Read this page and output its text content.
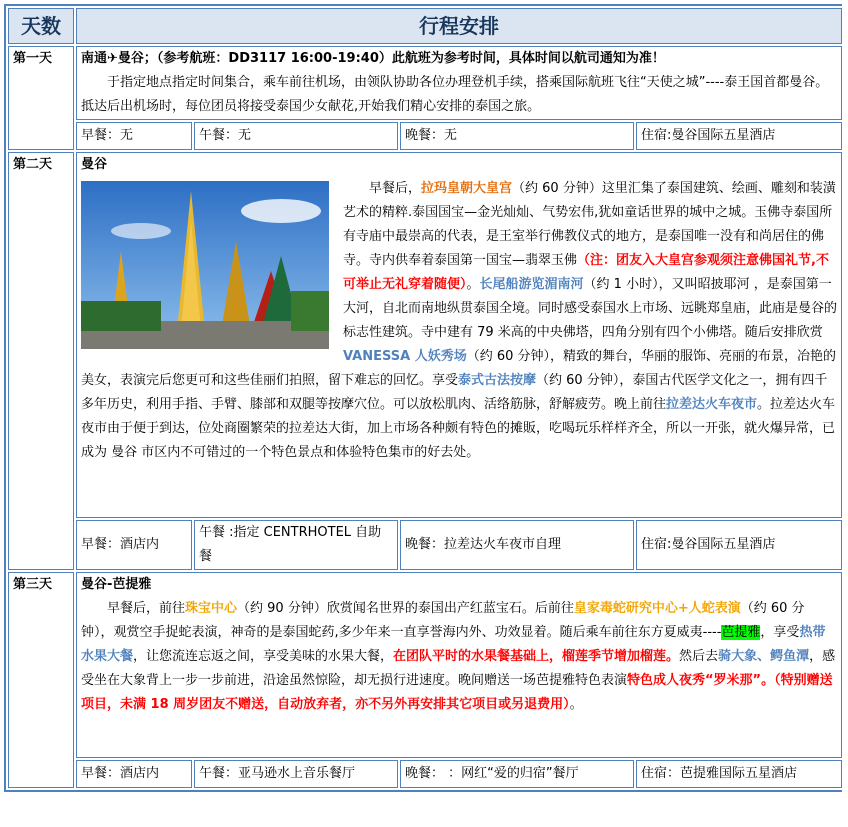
天数	行程安排			
第一天	南通✈曼谷；（参考航班：DD3117 16:00-19:40）此航班为参考时间，具体时间以航司通知为准！

于指定地点指定时间集合，乘车前往机场，由领队协助各位办理登机手续，搭乘国际航班飞往“天使之城”----泰王国首都曼谷。抵达后出机场时，每位团员将接受泰国少女献花,开始我们精心安排的泰国之旅。			

	早餐：无	午餐：无	晚餐：无	住宿:曼谷国际五星酒店
第二天	曼谷

早餐后，拉玛皇朝大皇宫（约 60 分钟）这里汇集了泰国建筑、绘画、雕刻和装潢艺术的精粹.泰国国宝—金光灿灿、气势宏伟,犹如童话世界的城中之城。玉佛寺泰国所有寺庙中最崇高的代表，是王室举行佛教仪式的地方，是泰国唯一没有和尚居住的佛寺。寺内供奉着泰国第一国宝—翡翠玉佛（注：团友入大皇宫参观须注意佛国礼节,不可举止无礼穿着随便）。长尾船游览湄南河（约 1 小时），又叫昭披耶河 ，是泰国第一大河，自北而南地纵贯泰国全境。同时感受泰国水上市场、远眺郑皇庙，此庙是曼谷的标志性建筑。寺中建有 79 米高的中央佛塔，四角分别有四个小佛塔。随后安排欣赏VANESSA 人妖秀场（约 60 分钟），精致的舞台，华丽的服饰、亮丽的布景，冶艳的美女，表演完后您更可和这些佳丽们拍照，留下难忘的回忆。享受泰式古法按摩（约 60 分钟），泰国古代医学文化之一，拥有四千多年历史，利用手指、手臂、膝部和双腿等按摩穴位。可以放松肌肉、活络筋脉，舒解疲劳。晚上前往拉差达火车夜市。拉差达火车夜市由于便于到达，位处商圈繁荣的拉差达大街，加上市场各种颇有特色的摊販，吃喝玩乐样样齐全，所以一开张，就火爆异常，已成为 曼谷 市区内不可错过的一个特色景点和体验特色集市的好去处。			

	早餐：酒店内	午餐 :指定 CENTRHOTEL 自助餐	晚餐：拉差达火车夜市自理	住宿:曼谷国际五星酒店
第三天	曼谷-芭提雅

早餐后，前往珠宝中心（约 90 分钟）欣赏闻名世界的泰国出产红蓝宝石。后前往皇家毒蛇研究中心+人蛇表演（约 60 分钟），观赏空手捉蛇表演，神奇的是泰国蛇药,多少年来一直享誉海内外、功效显着。随后乘车前往东方夏威夷----芭提雅，享受热带水果大餐，让您流连忘返之间，享受美味的水果大餐，在团队平时的水果餐基础上，榴莲季节增加榴莲。然后去骑大象、鳄鱼潭，感受坐在大象背上一步一步前进，沿途虽然惊险，却无损行进速度。晚间赠送一场芭提雅特色表演特色成人夜秀“罗米那”。（特别赠送项目，未满 18 周岁团友不赠送，自动放弃者，亦不另外再安排其它项目或另退费用）。			

	早餐：酒店内	午餐：亚马逊水上音乐餐厅	晚餐： ：网红“爱的归宿”餐厅	住宿：芭提雅国际五星酒店
